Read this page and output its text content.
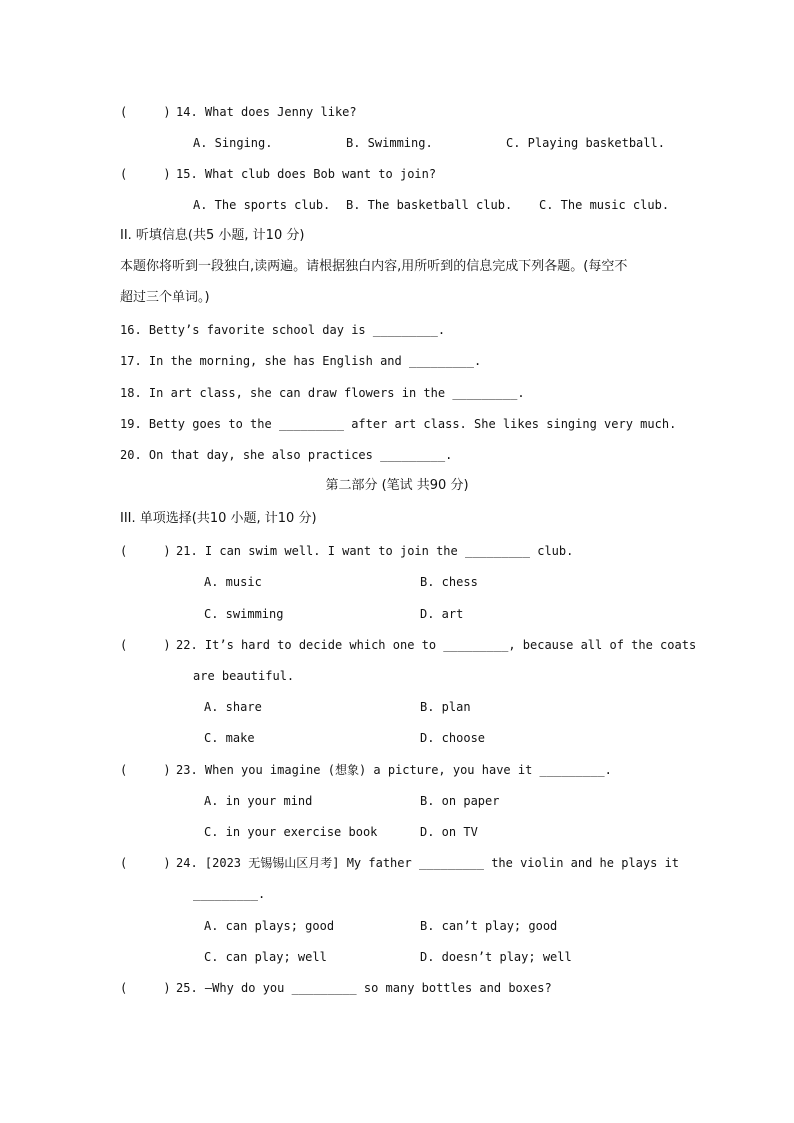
(     ) 14. What does Jenny like?
A. Singing.	B. Swimming.	C. Playing basketball.
(     ) 15. What club does Bob want to join?
A. The sports club. B. The basketball club. C. The music club.
II. 听填信息(共5 小题, 计10 分)
本题你将听到一段独白,读两遍。请根据独白内容,用所听到的信息完成下列各题。(每空不
超过三个单词。)
16. Betty’s favorite school day is _________.
17. In the morning, she has English and _________.
18. In art class, she can draw flowers in the _________.
19. Betty goes to the _________ after art class. She likes singing very much.
20. On that day, she also practices _________.
第二部分 (笔试 共90 分)
III. 单项选择(共10 小题, 计10 分)
(     ) 21. I can swim well. I want to join the _________ club.
A. music	B. chess
C. swimming	D. art
(     ) 22. It’s hard to decide which one to _________, because all of the coats
are beautiful.
A. share	B. plan
C. make	D. choose
(     ) 23. When you imagine (想象) a picture, you have it _________.
A. in your mind	B. on paper
C. in your exercise book	D. on TV
(     ) 24. [2023 无锡锡山区月考] My father _________ the violin and he plays it
_________.
A. can plays; good	B. can’t play; good
C. can play; well	D. doesn’t play; well
(     ) 25. —Why do you _________ so many bottles and boxes?
